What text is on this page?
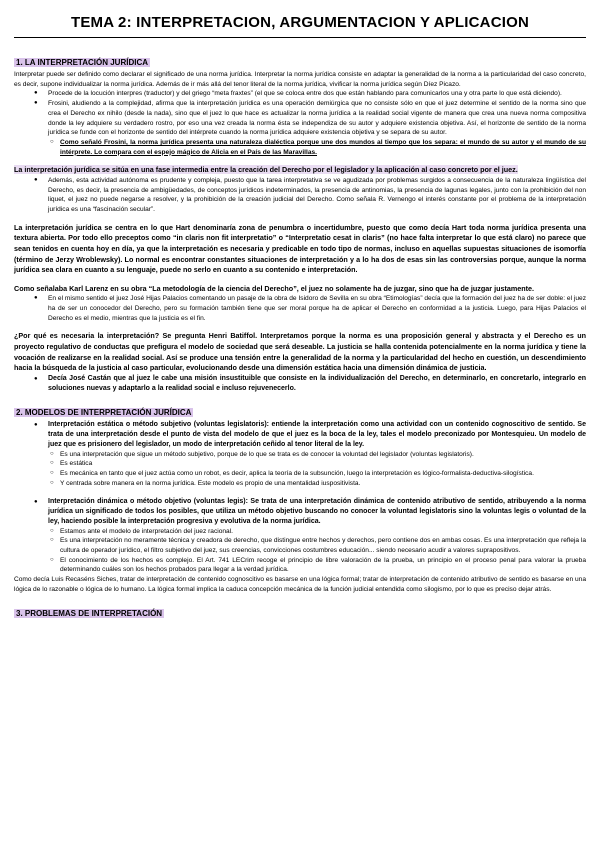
TEMA 2: INTERPRETACION, ARGUMENTACION Y APLICACION
1. LA INTERPRETACIÓN JURÍDICA

Interpretar puede ser definido como declarar el significado de una norma jurídica. Interpretar la norma jurídica consiste en adaptar la generalidad de la norma a la particularidad del caso concreto, es decir, supone individualizar la norma jurídica. Además de ir más allá del tenor literal de la norma jurídica, vivificar la norma jurídica según Díez Picazo.

● Procede de la locución interpres (traductor) y del griego “meta fraxtes” (el que se coloca entre dos que están hablando para comunicarlos una y otra parte lo que está diciendo).
● Frosini, aludiendo a la complejidad, afirma que la interpretación jurídica es una operación demiúrgica que no consiste sólo en que el juez determine el sentido de la norma sino que crea el Derecho ex nihilo (desde la nada), sino que el juez lo que hace es actualizar la norma jurídica a la realidad social vigente de manera que crea una nueva norma compositiva donde la ley adquiere su verdadero rostro, por eso una vez creada la norma ésta se independiza de su autor y adquiere existencia objetiva. Así, el horizonte de sentido de la norma jurídica se funde con el horizonte de sentido del intérprete cuando la norma jurídica adquiere existencia objetiva y se separa de su autor.
○ Como señaló Frosini, la norma jurídica presenta una naturaleza dialéctica porque une dos mundos al tiempo que los separa: el mundo de su autor y el mundo de su intérprete. Lo compara con el espejo mágico de Alicia en el País de las Maravillas.

La interpretación jurídica se sitúa en una fase intermedia entre la creación del Derecho por el legislador y la aplicación al caso concreto por el juez.

● Además, esta actividad autónoma es prudente y compleja, puesto que la tarea interpretativa se ve agudizada por problemas surgidos a consecuencia de la naturaleza lingüística del Derecho, es decir, la presencia de ambigüedades, de conceptos jurídicos indeterminados, la presencia de antinomias, la presencia de lagunas legales, junto con la prohibición del non liquet, el juez no puede negarse a resolver, y la prohibición de la creación judicial del Derecho. Como señala R. Vernengo el interés constante por el problema de la interpretación jurídica es una “fascinación secular”.

La interpretación jurídica se centra en lo que Hart denominaría zona de penumbra o incertidumbre, puesto que como decía Hart toda norma jurídica presenta una textura abierta. Por todo ello preceptos como “in claris non fit interpretatio” o “Interpretatio cesat in claris” (no hace falta interpretar lo que está claro) no parece que sean tenidos en cuenta hoy en día, ya que la interpretación es necesaria y predicable en todo tipo de normas, incluso en aquellas supuestas situaciones de isomorfía (término de Jerzy Wroblewsky). Lo normal es encontrar constantes situaciones de interpretación y a lo ha dos de esas sin las controversias porque, aunque la norma jurídica sea clara en cuanto a su lenguaje, puede no serlo en cuanto a su contenido e interpretación.

Como señalaba Karl Larenz en su obra “La metodología de la ciencia del Derecho”, el juez no solamente ha de juzgar, sino que ha de juzgar justamente.

● En el mismo sentido el juez José Hijas Palacios comentando un pasaje de la obra de Isidoro de Sevilla en su obra “Etimologías” decía que la formación del juez ha de ser doble: el juez ha de ser un conocedor del Derecho, pero su formación también tiene que ser moral porque ha de aplicar el Derecho en conformidad a la justicia. Luego, para Hijas Palacios el Derecho es el medio, mientras que la justicia es el fin.

¿Por qué es necesaria la interpretación? Se pregunta Henri Batiffol. Interpretamos porque la norma es una proposición general y abstracta y el Derecho es un proyecto regulativo de conductas que prefigura el modelo de sociedad que será deseable. La justicia se halla contenida potencialmente en la norma jurídica y tiene la vocación de realizarse en la realidad social. Así se produce una tensión entre la generalidad de la norma y la particularidad del hecho en cuestión, un descendimiento hacia la búsqueda de la justicia al caso particular, evolucionando desde una dimensión estática hacia una dimensión dinámica de justicia.

● Decía José Castán que al juez le cabe una misión insustituible que consiste en la individualización del Derecho, en determinarlo, en concretarlo, integrarlo en soluciones nuevas y adaptarlo a la realidad social e incluso rejuvenecerlo.
2. MODELOS DE INTERPRETACIÓN JURÍDICA
● Interpretación estática o método subjetivo (voluntas legislatoris): entiende la interpretación como una actividad con un contenido cognoscitivo de sentido. Se trata de una interpretación desde el punto de vista del modelo de que el juez es la boca de la ley, tales el modelo preconizado por Montesquieu. Un modelo de juez que es prisionero del legislador, un modo de interpretación ceñido al tenor literal de la ley.
○ Es una interpretación que sigue un método subjetivo, porque de lo que se trata es de conocer la voluntad del legislador (voluntas legislatoris).
○ Es estática
○ Es mecánica en tanto que el juez actúa como un robot, es decir, aplica la teoría de la subsunción, luego la interpretación es lógico-formalista-deductiva-silogística.
○ Y centrada sobre manera en la norma jurídica. Este modelo es propio de una mentalidad iuspositivista.
● Interpretación dinámica o método objetivo (voluntas legis): Se trata de una interpretación dinámica de contenido atributivo de sentido, atribuyendo a la norma jurídica un significado de todos los posibles, que utiliza un método objetivo buscando no conocer la voluntad legislatoris sino la voluntas legis o voluntad de la ley, haciendo posible la interpretación progresiva y evolutiva de la norma jurídica.
○ Estamos ante el modelo de interpretación del juez racional.
○ Es una interpretación no meramente técnica y creadora de derecho, que distingue entre hechos y derechos, pero contiene dos en ambas cosas. Es una interpretación que refleja la cultura de operador jurídico, el filtro subjetivo del juez, sus creencias, convicciones costumbres educación... siendo necesario acudir a valores suprapositivos.
○ El conocimiento de los hechos es complejo. El Art. 741 LECrim recoge el principio de libre valoración de la prueba, un principio en el proceso penal para valorar la prueba determinando cuáles son los hechos probados para llegar a la verdad jurídica.

Como decía Luis Recaséns Siches, tratar de interpretación de contenido cognoscitivo es basarse en una lógica formal; tratar de interpretación de contenido atributivo de sentido es basarse en una lógica de lo razonable o lógica de lo humano. La lógica formal implica la caduca concepción mecánica de la función judicial entendida como silogismo, por lo que es preciso dejar atrás.

3. PROBLEMAS DE INTERPRETACIÓN
